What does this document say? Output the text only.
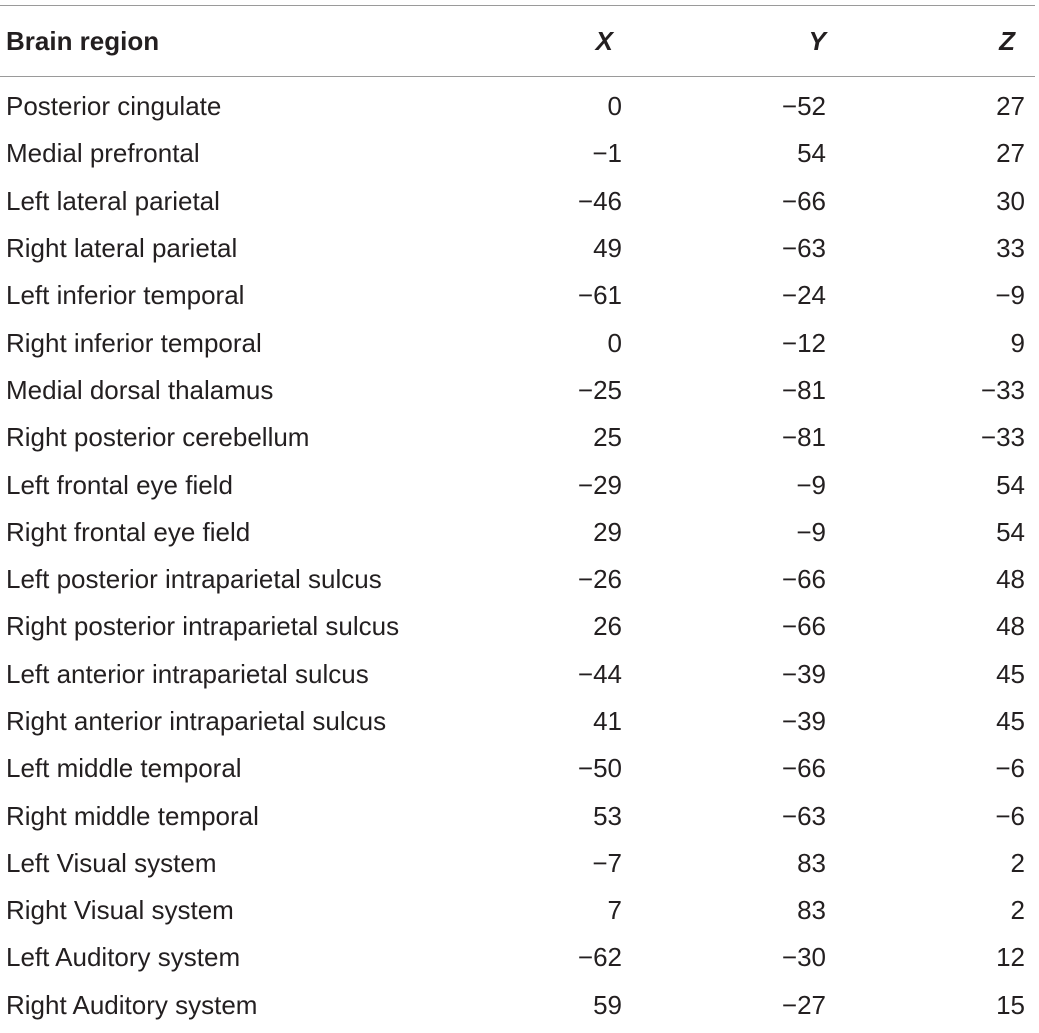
Brain region	X	Y	Z
Posterior cingulate	0	−52	27
Medial prefrontal	−1	54	27
Left lateral parietal	−46	−66	30
Right lateral parietal	49	−63	33
Left inferior temporal	−61	−24	−9
Right inferior temporal	0	−12	9
Medial dorsal thalamus	−25	−81	−33
Right posterior cerebellum	25	−81	−33
Left frontal eye field	−29	−9	54
Right frontal eye field	29	−9	54
Left posterior intraparietal sulcus	−26	−66	48
Right posterior intraparietal sulcus	26	−66	48
Left anterior intraparietal sulcus	−44	−39	45
Right anterior intraparietal sulcus	41	−39	45
Left middle temporal	−50	−66	−6
Right middle temporal	53	−63	−6
Left Visual system	−7	83	2
Right Visual system	7	83	2
Left Auditory system	−62	−30	12
Right Auditory system	59	−27	15
